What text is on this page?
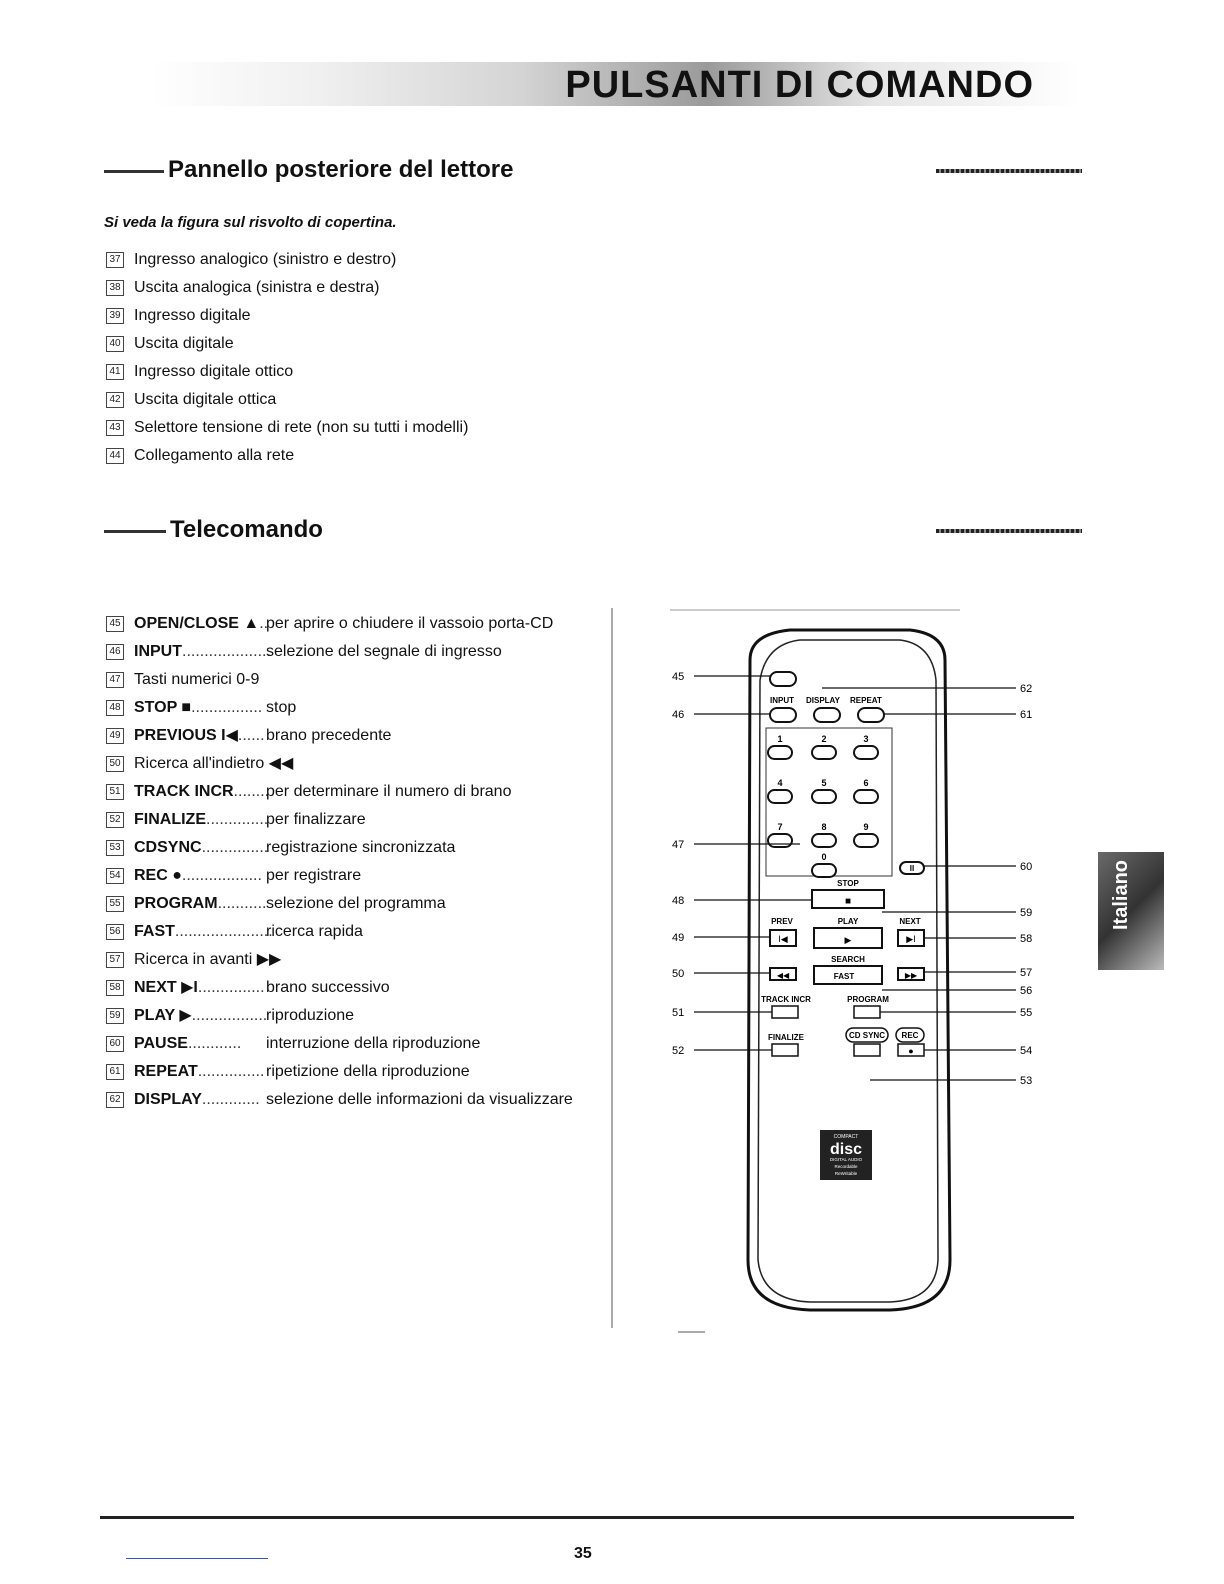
PULSANTI DI COMANDO
Pannello posteriore del lettore
Si veda la figura sul risvolto di copertina.
37 Ingresso analogico (sinistro e destro)
38 Uscita analogica (sinistra e destra)
39 Ingresso digitale
40 Uscita digitale
41 Ingresso digitale ottico
42 Uscita digitale ottica
43 Selettore tensione di rete (non su tutti i modelli)
44 Collegamento alla rete
Telecomando
45 OPEN/CLOSE ▲ ..
per aprire o chiudere il vassoio porta-CD
46 INPUT ....................
selezione del segnale di ingresso
47 Tasti numerici 0-9
48 STOP ■ ................ stop
49 PREVIOUS I◀ ...... brano precedente
50 Ricerca all'indietro ◀◀
51 TRACK INCR ........
per determinare il numero di brano
52 FINALIZE ..............
per finalizzare
53 CDSYNC ...............
registrazione sincronizzata
54 REC ● .................. per registrare
55 PROGRAM ........... selezione del programma
56 FAST ......................
ricerca rapida
57 Ricerca in avanti ▶▶
58 NEXT ▶I ............... brano successivo
59 PLAY ▶ .................
riproduzione
60 PAUSE ............	interruzione della riproduzione
61 REPEAT ............... ripetizione della riproduzione
62 DISPLAY ............. selezione delle informazioni da visualizzare
INPUT DISPLAY REPEAT
1	2	3
4	5	6
7	8	9
0
II
STOP
■
PREV	PLAY	NEXT
I◀	▶	▶I
SEARCH
◀◀	FAST	▶▶
TRACK INCR	PROGRAM
FINALIZE	CD SYNC REC
●
COMPACT
disc
DIGITAL AUDIO
Recordable
ReWritable
45
46
47
48
49
50
51
52
62
61
60
59
58
57
56
55
54
53
Italiano
35
